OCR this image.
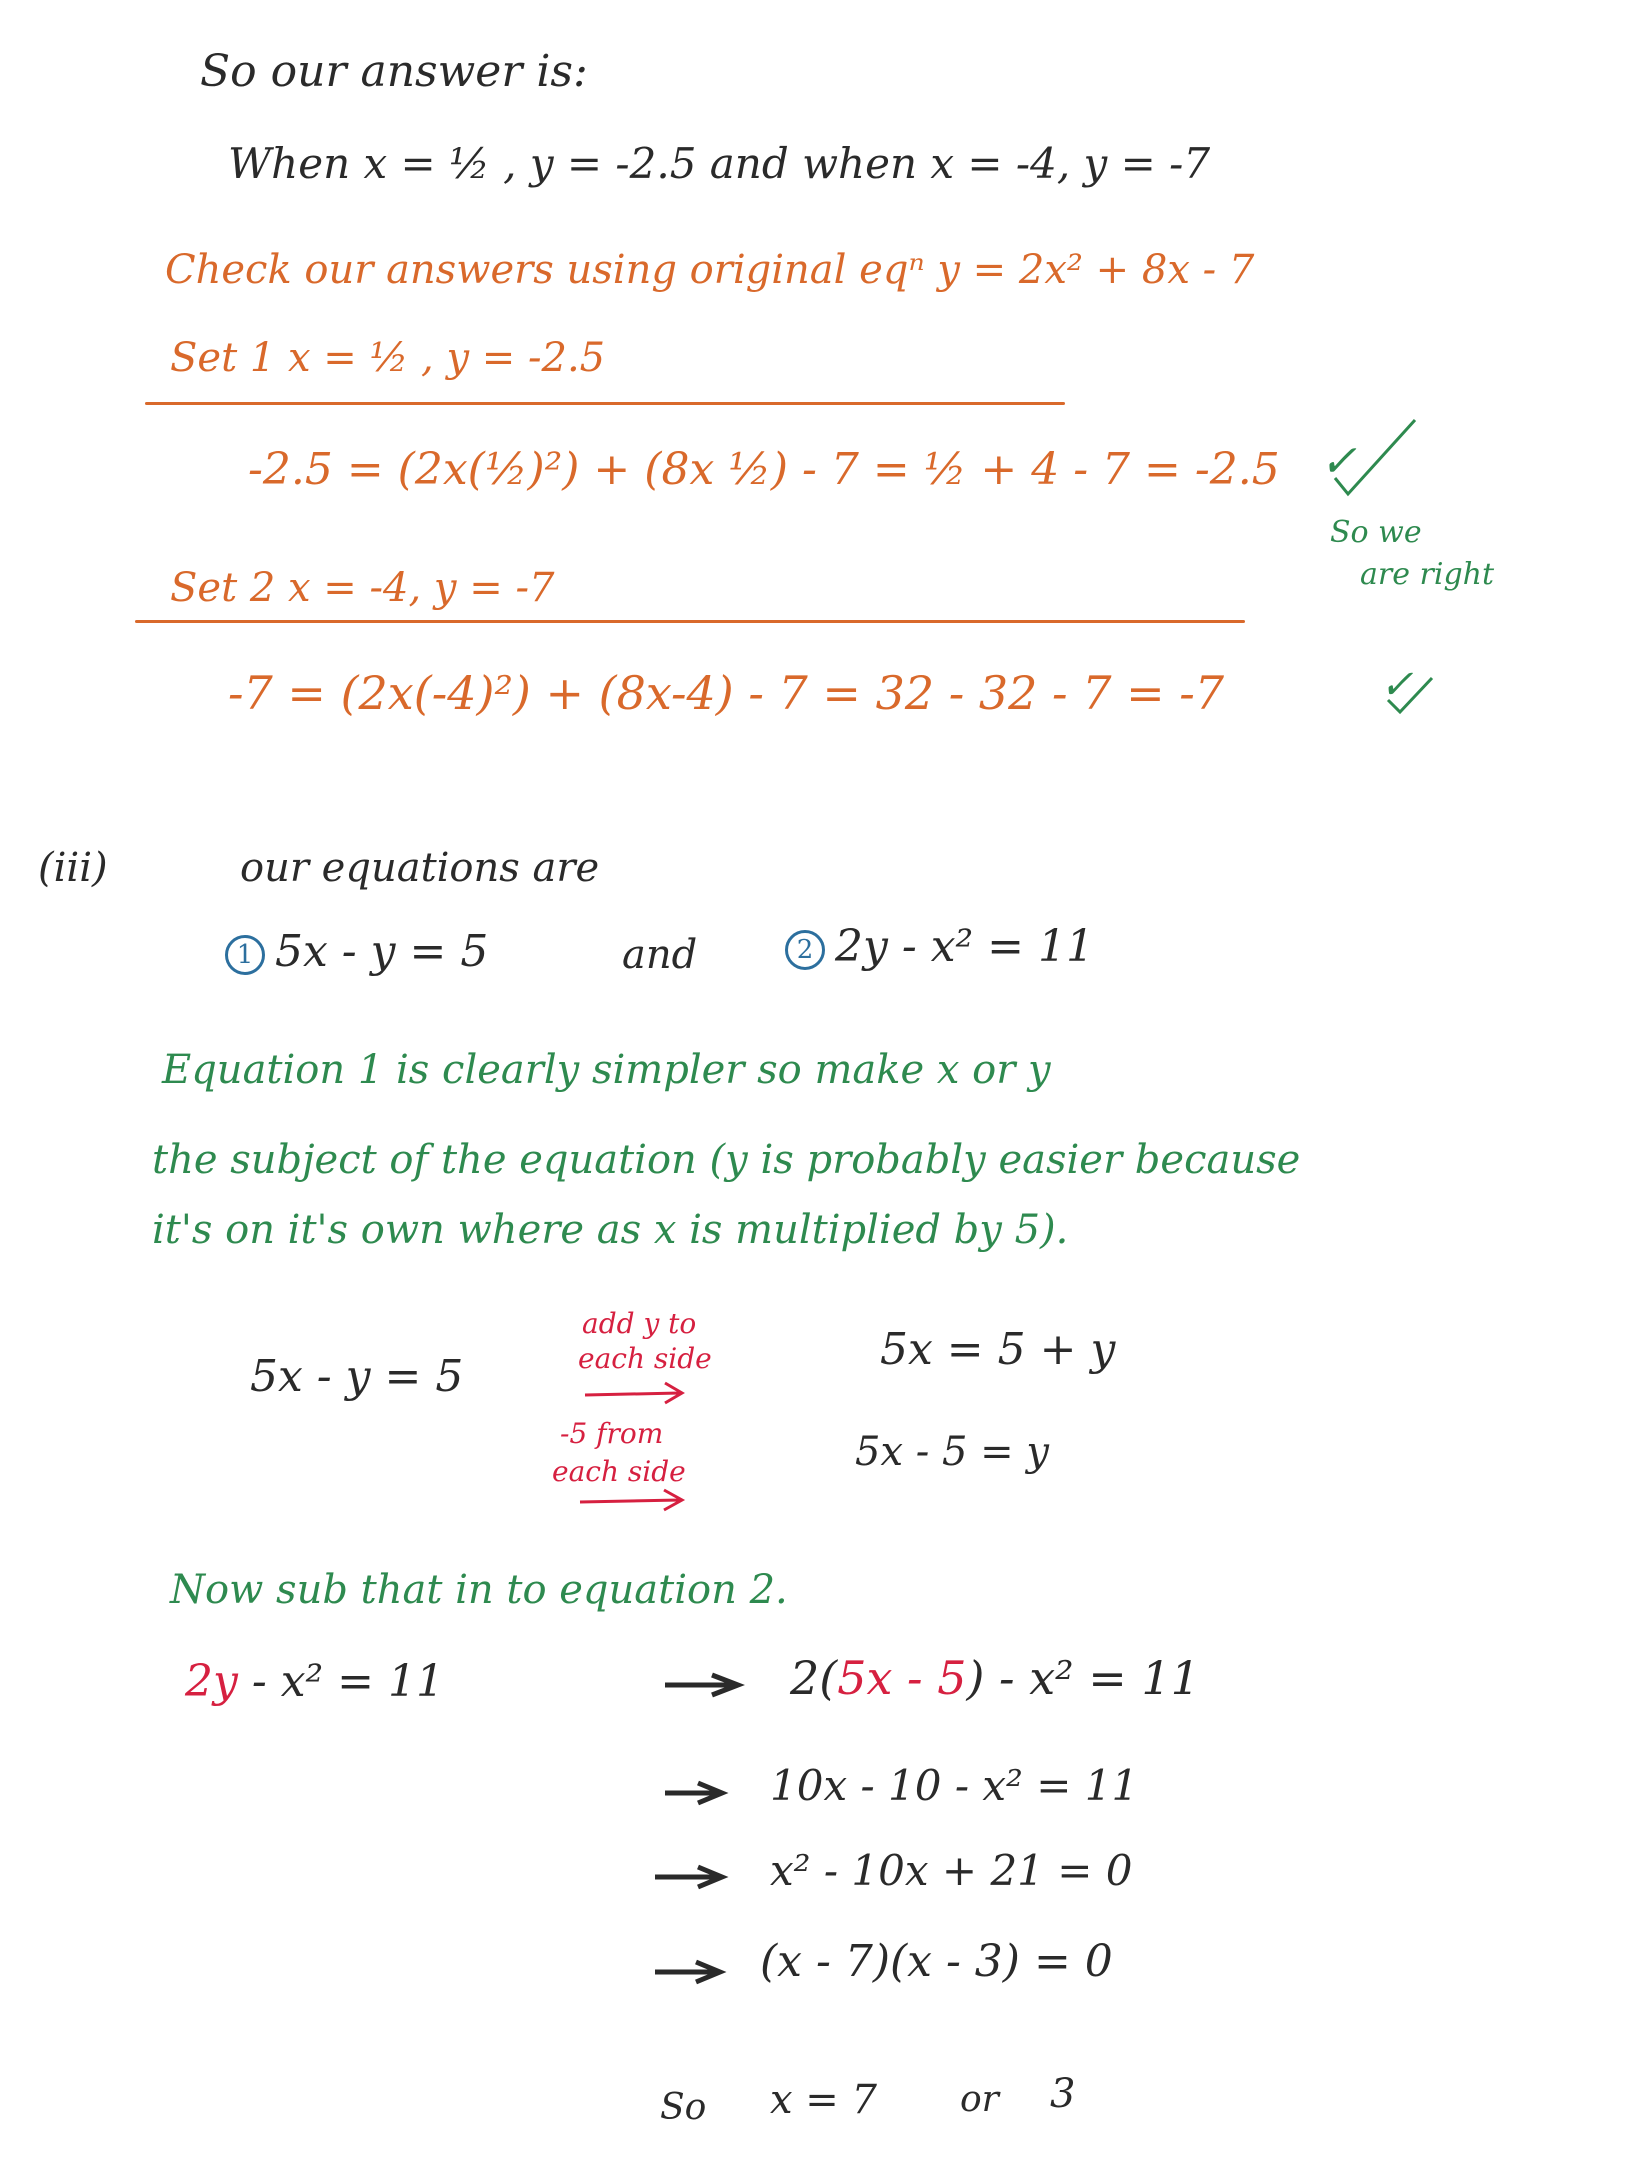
So our answer is:
When x = ½ , y = -2.5 and when x = -4, y = -7
Check our answers using original eqⁿ y = 2x² + 8x - 7
Set 1 x = ½ , y = -2.5
-2.5 = (2x(½)²) + (8x ½) - 7 = ½ + 4 - 7 = -2.5 ✓
So we
are right
Set 2 x = -4, y = -7
-7 = (2x(-4)²) + (8x-4) - 7 = 32 - 32 - 7 = -7	✓
(iii)	our equations are
1 5x - y = 5	and	2 2y - x² = 11
Equation 1 is clearly simpler so make x or y
the subject of the equation (y is probably easier because
it's on it's own where as x is multiplied by 5).
5x - y = 5
add y to
each side	5x = 5 + y
-5 from
each side	5x - 5 = y
Now sub that in to equation 2.
2y - x² = 11	2(5x - 5) - x² = 11
10x - 10 - x² = 11
x² - 10x + 21 = 0
(x - 7)(x - 3) = 0
So x = 7 or 3
